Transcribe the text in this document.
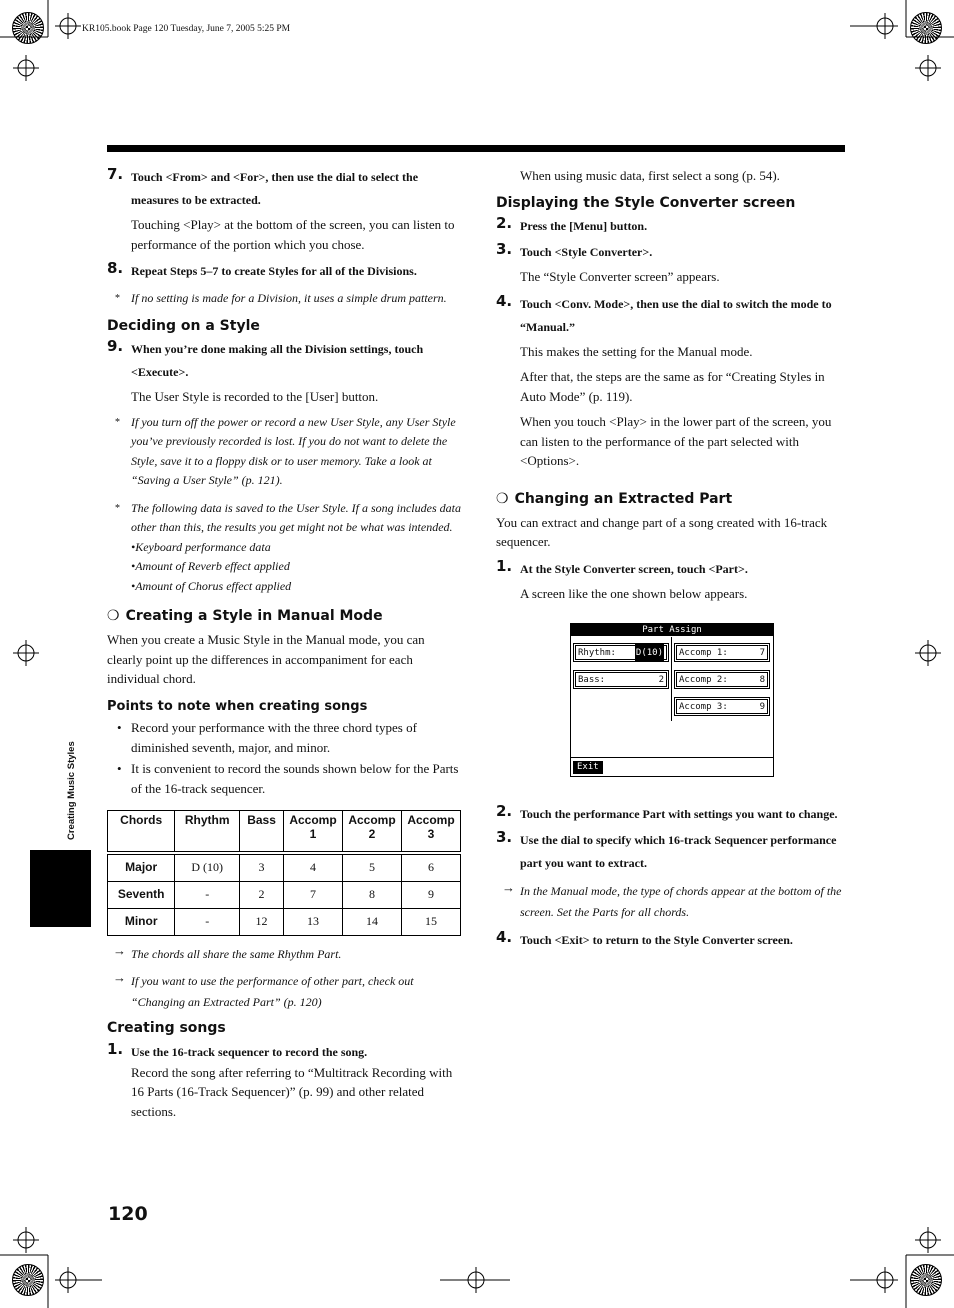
KR105.book Page 120 Tuesday, June 7, 2005 5:25 PM
Creating Music Styles
120
7. Touch <From> and <For>, then use the dial to select the measures to be extracted.

Touching <Play> at the bottom of the screen, you can listen to performance of the portion which you chose.

8. Repeat Steps 5–7 to create Styles for all of the Divisions.
* If no setting is made for a Division, it uses a simple drum pattern.
Deciding on a Style
9. When you’re done making all the Division settings, touch <Execute>.

The User Style is recorded to the [User] button.

* If you turn off the power or record a new User Style, any User Style you’ve previously recorded is lost. If you do not want to delete the Style, save it to a floppy disk or to user memory. Take a look at “Saving a User Style” (p. 121).
* The following data is saved to the User Style. If a song includes data other than this, the results you get might not be what was intended.
•Keyboard performance data
•Amount of Reverb effect applied
•Amount of Chorus effect applied
❍ Creating a Style in Manual Mode

When you create a Music Style in the Manual mode, you can clearly point up the differences in accompaniment for each individual chord.

Points to note when creating songs
• Record your performance with the three chord types of diminished seventh, major, and minor.
• It is convenient to record the sounds shown below for the Parts of the 16-track sequencer.
Chords	Rhythm	Bass	Accomp 1	Accomp 2	Accomp 3

Major	D (10)	3	4	5	6
Seventh	-	2	7	8	9
Minor	-	12	13	14	15
→ The chords all share the same Rhythm Part.
→ If you want to use the performance of other part, check out “Changing an Extracted Part” (p. 120)
Creating songs
1. Use the 16-track sequencer to record the song.

Record the song after referring to “Multitrack Recording with 16 Parts (16-Track Sequencer)” (p. 99) and other related sections.

When using music data, first select a song (p. 54).

Displaying the Style Converter screen
2. Press the [Menu] button.
3. Touch <Style Converter>.

The “Style Converter screen” appears.

4. Touch <Conv. Mode>, then use the dial to switch the mode to “Manual.”

This makes the setting for the Manual mode.

After that, the steps are the same as for “Creating Styles in Auto Mode” (p. 119).

When you touch <Play> in the lower part of the screen, you can listen to the performance of the part selected with <Options>.

❍ Changing an Extracted Part

You can extract and change part of a song created with 16-track sequencer.

1. At the Style Converter screen, touch <Part>.

A screen like the one shown below appears.

Part Assign
Rhythm: D(10) Accomp 1:	7
Bass:	2 Accomp 2:	8
Accomp 3:	9
Exit
2. Touch the performance Part with settings you want to change.
3. Use the dial to specify which 16-track Sequencer performance part you want to extract.
→ In the Manual mode, the type of chords appear at the bottom of the screen. Set the Parts for all chords.
4. Touch <Exit> to return to the Style Converter screen.
